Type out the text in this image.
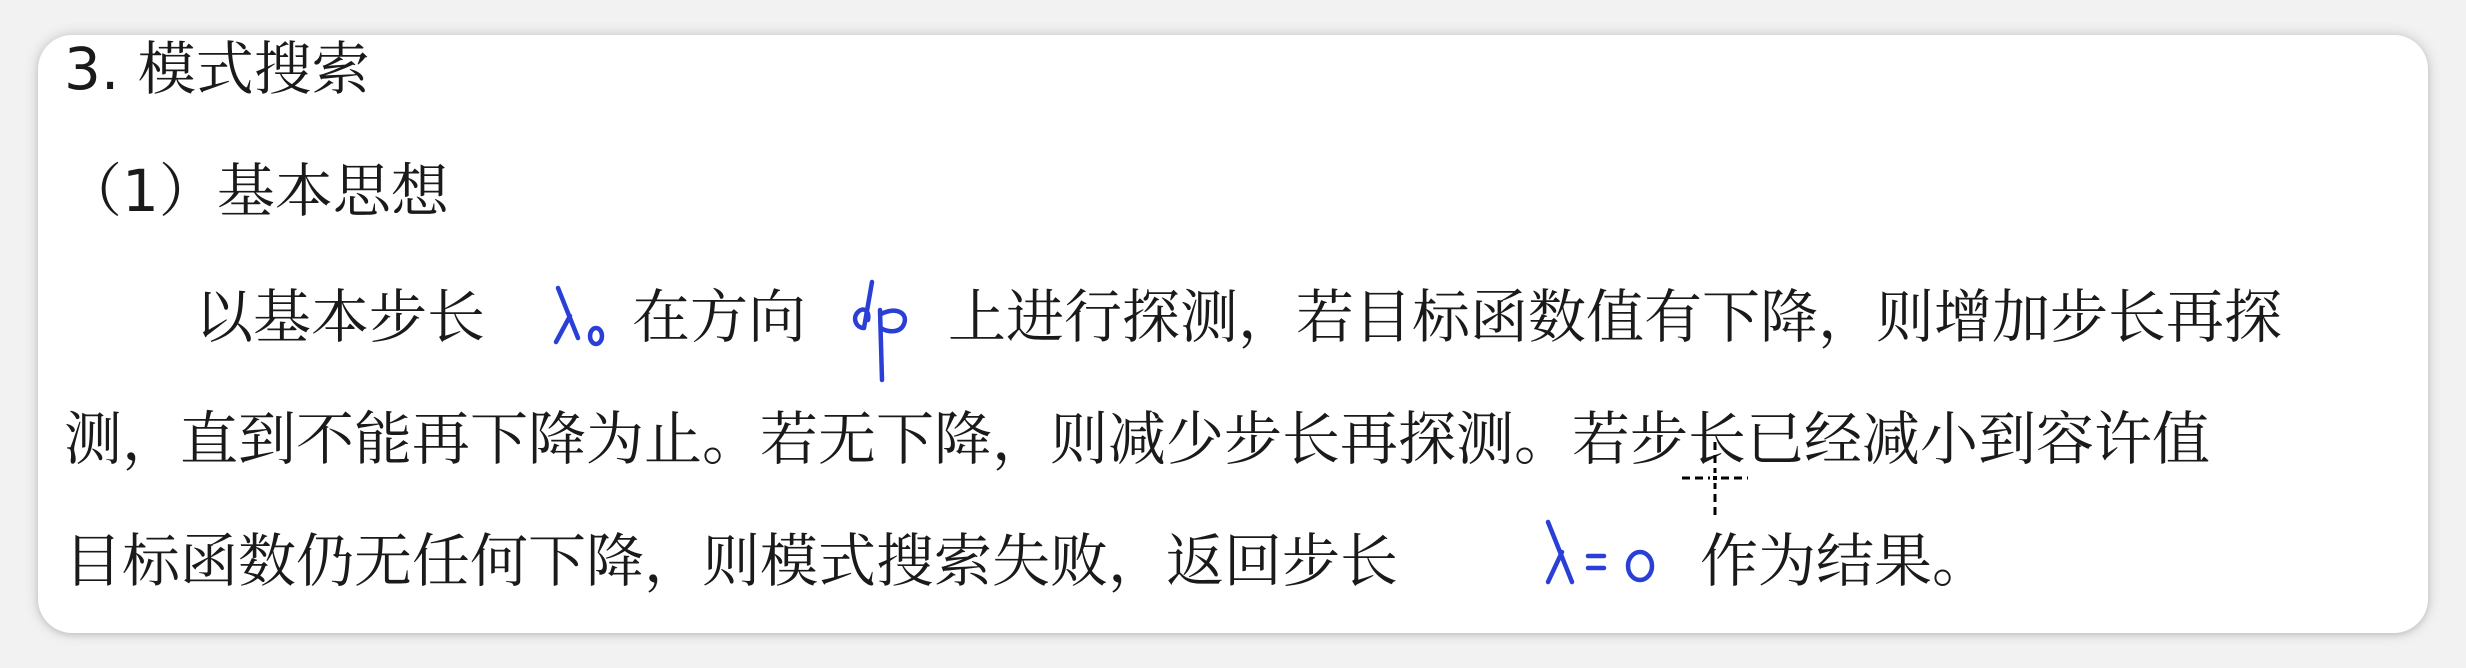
3. 模式搜索
（1）基本思想
以基本步长	在方向 上进行探测，若目标函数值有下降，则增加步长再探
测，直到不能再下降为止。若无下降，则减少步长再探测。若步长已经减小到容许值
目标函数仍无任何下降，则模式搜索失败，返回步长	作为结果。
